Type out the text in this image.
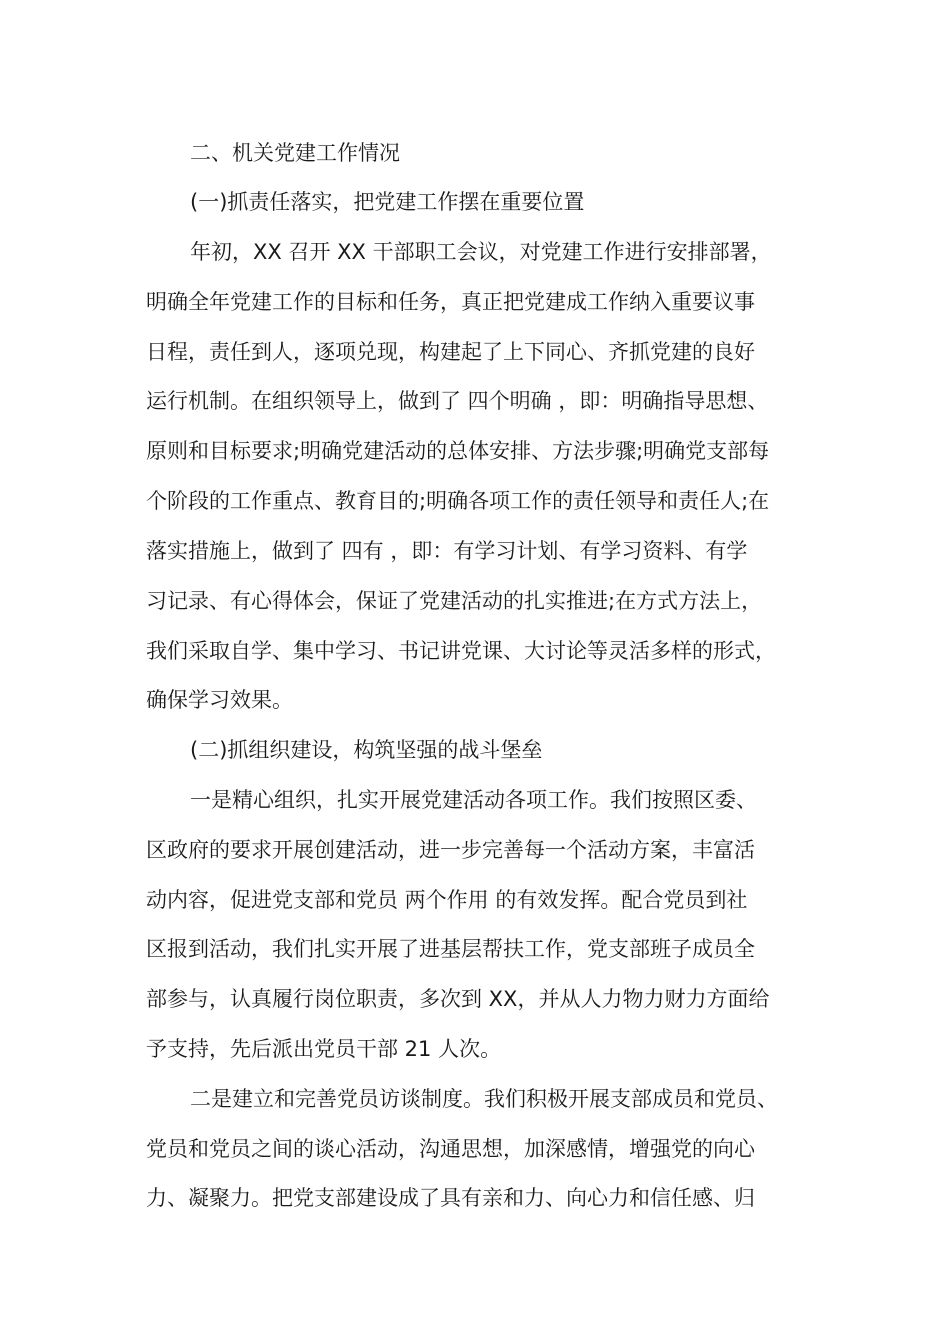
二、机关党建工作情况
(一)抓责任落实，把党建工作摆在重要位置
年初，XX 召开 XX 干部职工会议，对党建工作进行安排部署，
明确全年党建工作的目标和任务，真正把党建成工作纳入重要议事
日程，责任到人，逐项兑现，构建起了上下同心、齐抓党建的良好
运行机制。在组织领导上，做到了 四个明确 ，即：明确指导思想、
原则和目标要求;明确党建活动的总体安排、方法步骤;明确党支部每
个阶段的工作重点、教育目的;明确各项工作的责任领导和责任人;在
落实措施上，做到了 四有 ，即：有学习计划、有学习资料、有学
习记录、有心得体会，保证了党建活动的扎实推进;在方式方法上，
我们采取自学、集中学习、书记讲党课、大讨论等灵活多样的形式，
确保学习效果。
(二)抓组织建设，构筑坚强的战斗堡垒
一是精心组织，扎实开展党建活动各项工作。我们按照区委、
区政府的要求开展创建活动，进一步完善每一个活动方案，丰富活
动内容，促进党支部和党员 两个作用 的有效发挥。配合党员到社
区报到活动，我们扎实开展了进基层帮扶工作，党支部班子成员全
部参与，认真履行岗位职责，多次到 XX，并从人力物力财力方面给
予支持，先后派出党员干部 21 人次。
二是建立和完善党员访谈制度。我们积极开展支部成员和党员、
党员和党员之间的谈心活动，沟通思想，加深感情，增强党的向心
力、凝聚力。把党支部建设成了具有亲和力、向心力和信任感、归
